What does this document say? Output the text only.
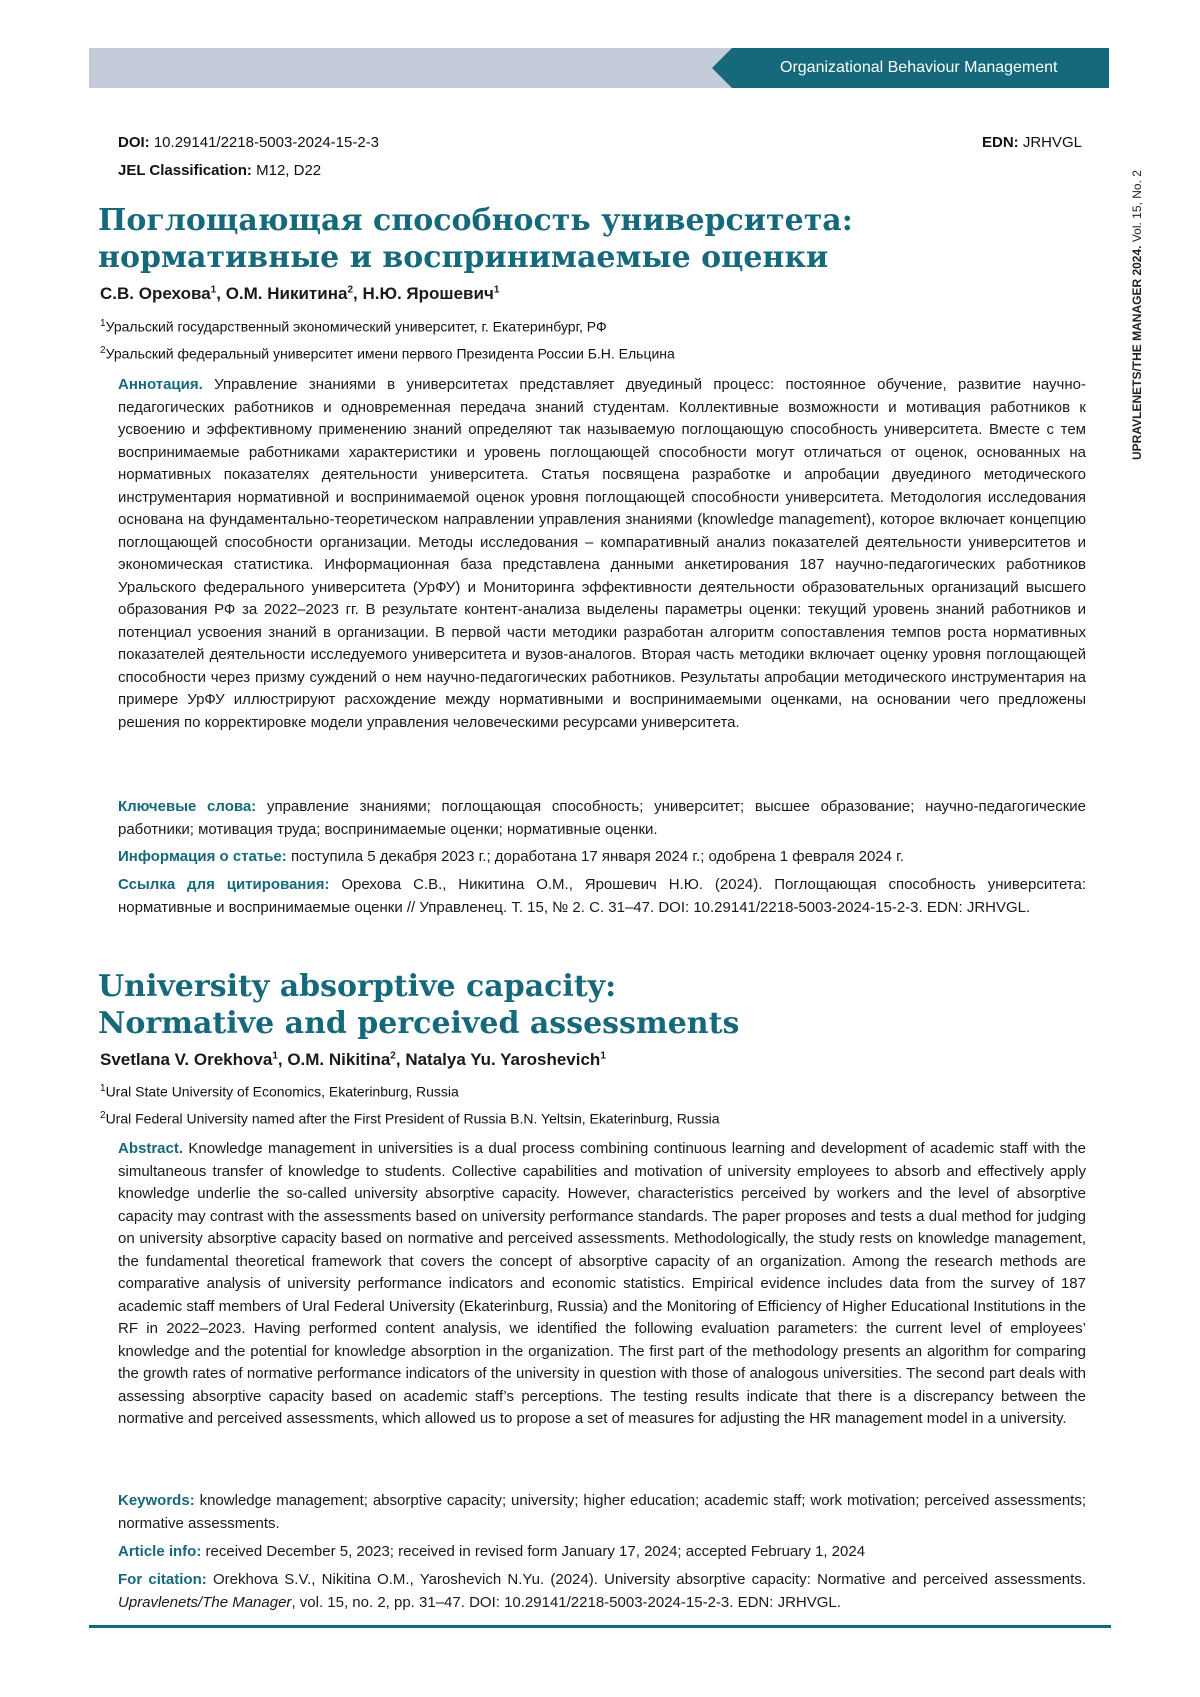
Organizational Behaviour Management	31
UPRAVLENETS/THE MANAGER 2024. Vol. 15, No. 2
DOI: 10.29141/2218-5003-2024-15-2-3	EDN: JRHVGL
JEL Classification: M12, D22
Поглощающая способность университета:
нормативные и воспринимаемые оценки
С.В. Орехова1, О.М. Никитина2, Н.Ю. Ярошевич1
1Уральский государственный экономический университет, г. Екатеринбург, РФ
2Уральский федеральный университет имени первого Президента России Б.Н. Ельцина
Аннотация. Управление знаниями в университетах представляет двуединый процесс: постоянное обучение, развитие научно-педагогических работников и одновременная передача знаний студентам. Коллективные возможности и мотивация работников к усвоению и эффективному применению знаний определяют так называемую поглощающую способность университета. Вместе с тем воспринимаемые работниками характеристики и уровень поглощающей способности могут отличаться от оценок, основанных на нормативных показателях деятельности университета. Статья посвящена разработке и апробации двуединого методического инструментария нормативной и воспринимаемой оценок уровня поглощающей способности университета. Методология исследования основана на фундаментально-теоретическом направлении управления знаниями (knowledge management), которое включает концепцию поглощающей способности организации. Методы исследования – компаративный анализ показателей деятельности университетов и экономическая статистика. Информационная база представлена данными анкетирования 187 научно-педагогических работников Уральского федерального университета (УрФУ) и Мониторинга эффективности деятельности образовательных организаций высшего образования РФ за 2022–2023 гг. В результате контент-анализа выделены параметры оценки: текущий уровень знаний работников и потенциал усвоения знаний в организации. В первой части методики разработан алгоритм сопоставления темпов роста нормативных показателей деятельности исследуемого университета и вузов-аналогов. Вторая часть методики включает оценку уровня поглощающей способности через призму суждений о нем научно-педагогических работников. Результаты апробации методического инструментария на примере УрФУ иллюстрируют расхождение между нормативными и воспринимаемыми оценками, на основании чего предложены решения по корректировке модели управления человеческими ресурсами университета.
Ключевые слова: управление знаниями; поглощающая способность; университет; высшее образование; научно-педагогические работники; мотивация труда; воспринимаемые оценки; нормативные оценки.
Информация о статье: поступила 5 декабря 2023 г.; доработана 17 января 2024 г.; одобрена 1 февраля 2024 г.
Ссылка для цитирования: Орехова С.В., Никитина О.М., Ярошевич Н.Ю. (2024). Поглощающая способность университета: нормативные и воспринимаемые оценки // Управленец. Т. 15, № 2. С. 31–47. DOI: 10.29141/2218-5003-2024-15-2-3. EDN: JRHVGL.
University absorptive capacity:
Normative and perceived assessments
Svetlana V. Orekhova1, O.M. Nikitina2, Natalya Yu. Yaroshevich1
1Ural State University of Economics, Ekaterinburg, Russia
2Ural Federal University named after the First President of Russia B.N. Yeltsin, Ekaterinburg, Russia
Abstract. Knowledge management in universities is a dual process combining continuous learning and development of academic staff with the simultaneous transfer of knowledge to students. Collective capabilities and motivation of university employees to absorb and effectively apply knowledge underlie the so-called university absorptive capacity. However, characteristics perceived by workers and the level of absorptive capacity may contrast with the assessments based on university performance standards. The paper proposes and tests a dual method for judging on university absorptive capacity based on normative and perceived assessments. Methodologically, the study rests on knowledge management, the fundamental theoretical framework that covers the concept of absorptive capacity of an organization. Among the research methods are comparative analysis of university performance indicators and economic statistics. Empirical evidence includes data from the survey of 187 academic staff members of Ural Federal University (Ekaterinburg, Russia) and the Monitoring of Efficiency of Higher Educational Institutions in the RF in 2022–2023. Having performed content analysis, we identified the following evaluation parameters: the current level of employees’ knowledge and the potential for knowledge absorption in the organization. The first part of the methodology presents an algorithm for comparing the growth rates of normative performance indicators of the university in question with those of analogous universities. The second part deals with assessing absorptive capacity based on academic staff’s perceptions. The testing results indicate that there is a discrepancy between the normative and perceived assessments, which allowed us to propose a set of measures for adjusting the HR management model in a university.
Keywords: knowledge management; absorptive capacity; university; higher education; academic staff; work motivation; perceived assessments; normative assessments.
Article info: received December 5, 2023; received in revised form January 17, 2024; accepted February 1, 2024
For citation: Orekhova S.V., Nikitina O.M., Yaroshevich N.Yu. (2024). University absorptive capacity: Normative and perceived assessments. Upravlenets/The Manager, vol. 15, no. 2, pp. 31–47. DOI: 10.29141/2218-5003-2024-15-2-3. EDN: JRHVGL.
